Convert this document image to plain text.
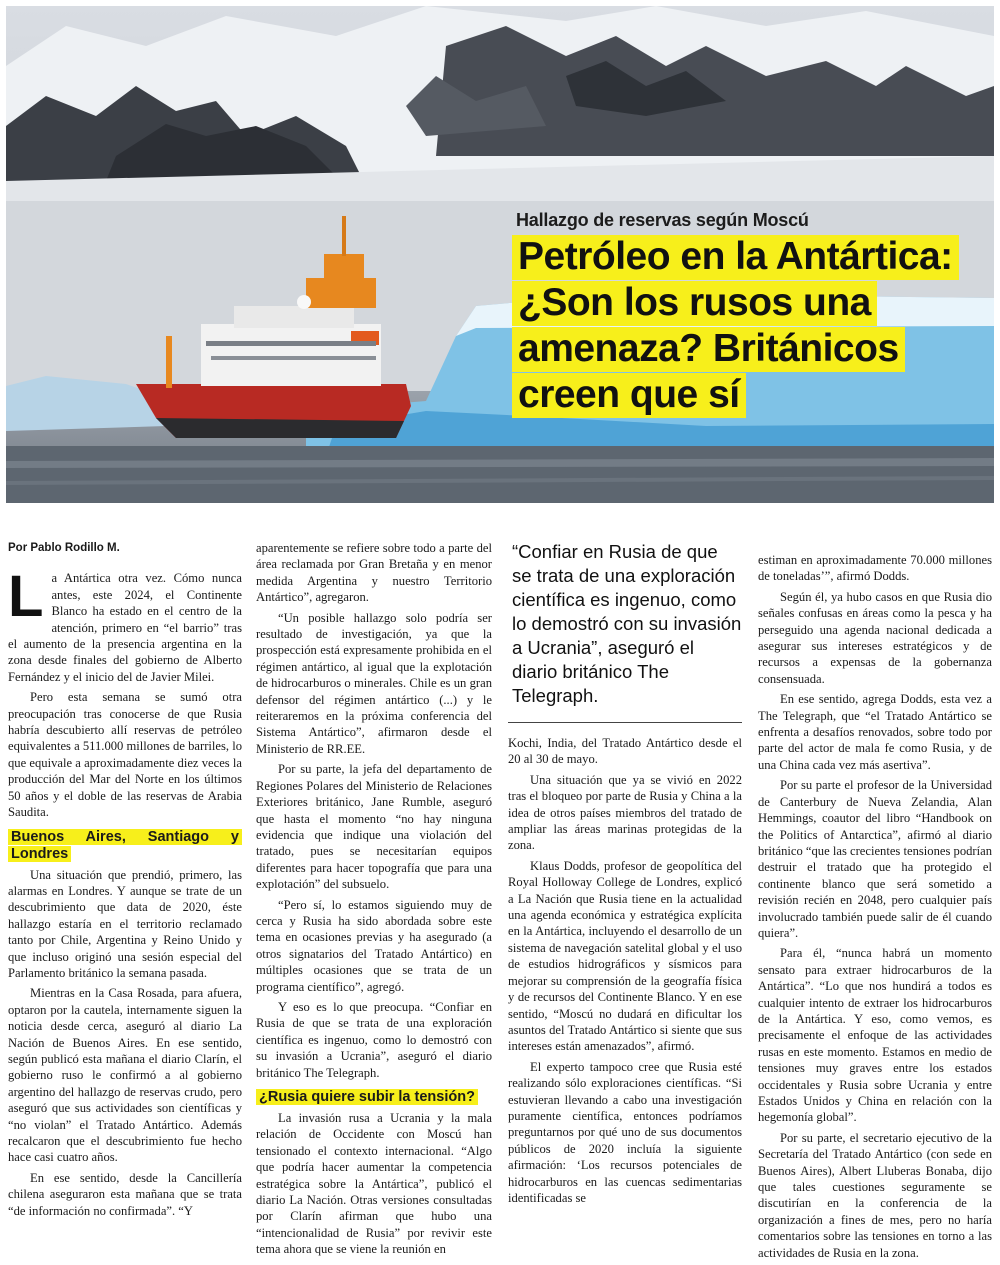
Hallazgo de reservas según Moscú
Petróleo en la Antártica:
¿Son los rusos una amenaza? Británicos creen que sí
Por Pablo Rodillo M.

La Antártica otra vez. Cómo nunca antes, este 2024, el Continente Blanco ha estado en el centro de la atención, primero en “el barrio” tras el aumento de la presencia argentina en la zona desde finales del gobierno de Alberto Fernández y el inicio del de Javier Milei.

Pero esta semana se sumó otra preocupación tras conocerse de que Rusia habría descubierto allí reservas de petróleo equivalentes a 511.000 millones de barriles, lo que equivale a aproximadamente diez veces la producción del Mar del Norte en los últimos 50 años y el doble de las reservas de Arabia Saudita.

Buenos Aires, Santiago y Londres

Una situación que prendió, primero, las alarmas en Londres. Y aunque se trate de un descubrimiento que data de 2020, éste hallazgo estaría en el territorio reclamado tanto por Chile, Argentina y Reino Unido y que incluso originó una sesión especial del Parlamento británico la semana pasada.

Mientras en la Casa Rosada, para afuera, optaron por la cautela, internamente siguen la noticia desde cerca, aseguró al diario La Nación de Buenos Aires. En ese sentido, según publicó esta mañana el diario Clarín, el gobierno ruso le confirmó a al gobierno argentino del hallazgo de reservas crudo, pero aseguró que sus actividades son científicas y “no violan” el Tratado Antártico. Además recalcaron que el descubrimiento fue hecho hace casi cuatro años.

En ese sentido, desde la Cancillería chilena aseguraron esta mañana que se trata “de información no confirmada”. “Y

aparentemente se refiere sobre todo a parte del área reclamada por Gran Bretaña y en menor medida Argentina y nuestro Territorio Antártico”, agregaron.

“Un posible hallazgo solo podría ser resultado de investigación, ya que la prospección está expresamente prohibida en el régimen antártico, al igual que la explotación de hidrocarburos o minerales. Chile es un gran defensor del régimen antártico (...) y le reiteraremos en la próxima conferencia del Sistema Antártico”, afirmaron desde el Ministerio de RR.EE.

Por su parte, la jefa del departamento de Regiones Polares del Ministerio de Relaciones Exteriores británico, Jane Rumble, aseguró que hasta el momento “no hay ninguna evidencia que indique una violación del tratado, pues se necesitarían equipos diferentes para hacer topografía que para una explotación” del subsuelo.

“Pero sí, lo estamos siguiendo muy de cerca y Rusia ha sido abordada sobre este tema en ocasiones previas y ha asegurado (a otros signatarios del Tratado Antártico) en múltiples ocasiones que se trata de un programa científico”, agregó.

Y eso es lo que preocupa. “Confiar en Rusia de que se trata de una exploración científica es ingenuo, como lo demostró con su invasión a Ucrania”, aseguró el diario británico The Telegraph.

¿Rusia quiere subir la tensión?

La invasión rusa a Ucrania y la mala relación de Occidente con Moscú han tensionado el contexto internacional. “Algo que podría hacer aumentar la competencia estratégica sobre la Antártica”, publicó el diario La Nación. Otras versiones consultadas por Clarín afirman que hubo una “intencionalidad de Rusia” por revivir este tema ahora que se viene la reunión en

“Confiar en Rusia de que se trata de una exploración científica es ingenuo, como lo demostró con su invasión a Ucrania”, aseguró el diario británico The Telegraph.

Kochi, India, del Tratado Antártico desde el 20 al 30 de mayo.

Una situación que ya se vivió en 2022 tras el bloqueo por parte de Rusia y China a la idea de otros países miembros del tratado de ampliar las áreas marinas protegidas de la zona.

Klaus Dodds, profesor de geopolítica del Royal Holloway College de Londres, explicó a La Nación que Rusia tiene en la actualidad una agenda económica y estratégica explícita en la Antártica, incluyendo el desarrollo de un sistema de navegación satelital global y el uso de estudios hidrográficos y sísmicos para mejorar su comprensión de la geografía física y de recursos del Continente Blanco. Y en ese sentido, “Moscú no dudará en dificultar los asuntos del Tratado Antártico si siente que sus intereses están amenazados”, afirmó.

El experto tampoco cree que Rusia esté realizando sólo exploraciones científicas. “Si estuvieran llevando a cabo una investigación puramente científica, entonces podríamos preguntarnos por qué uno de sus documentos públicos de 2020 incluía la siguiente afirmación: ‘Los recursos potenciales de hidrocarburos en las cuencas sedimentarias identificadas se

estiman en aproximadamente 70.000 millones de toneladas’”, afirmó Dodds.

Según él, ya hubo casos en que Rusia dio señales confusas en áreas como la pesca y ha perseguido una agenda nacional dedicada a asegurar sus intereses estratégicos y de recursos a expensas de la gobernanza consensuada.

En ese sentido, agrega Dodds, esta vez a The Telegraph, que “el Tratado Antártico se enfrenta a desafíos renovados, sobre todo por parte del actor de mala fe como Rusia, y de una China cada vez más asertiva”.

Por su parte el profesor de la Universidad de Canterbury de Nueva Zelandia, Alan Hemmings, coautor del libro “Handbook on the Politics of Antarctica”, afirmó al diario británico “que las crecientes tensiones podrían destruir el tratado que ha protegido el continente blanco que será sometido a revisión recién en 2048, pero cualquier país involucrado también puede salir de él cuando quiera”.

Para él, “nunca habrá un momento sensato para extraer hidrocarburos de la Antártica”. “Lo que nos hundirá a todos es cualquier intento de extraer los hidrocarburos de la Antártica. Y eso, como vemos, es precisamente el enfoque de las actividades rusas en este momento. Estamos en medio de tensiones muy graves entre los estados occidentales y Rusia sobre Ucrania y entre Estados Unidos y China en relación con la hegemonía global”.

Por su parte, el secretario ejecutivo de la Secretaría del Tratado Antártico (con sede en Buenos Aires), Albert Lluberas Bonaba, dijo que tales cuestiones seguramente se discutirían en la conferencia de la organización a fines de mes, pero no haría comentarios sobre las tensiones en torno a las actividades de Rusia en la zona.
